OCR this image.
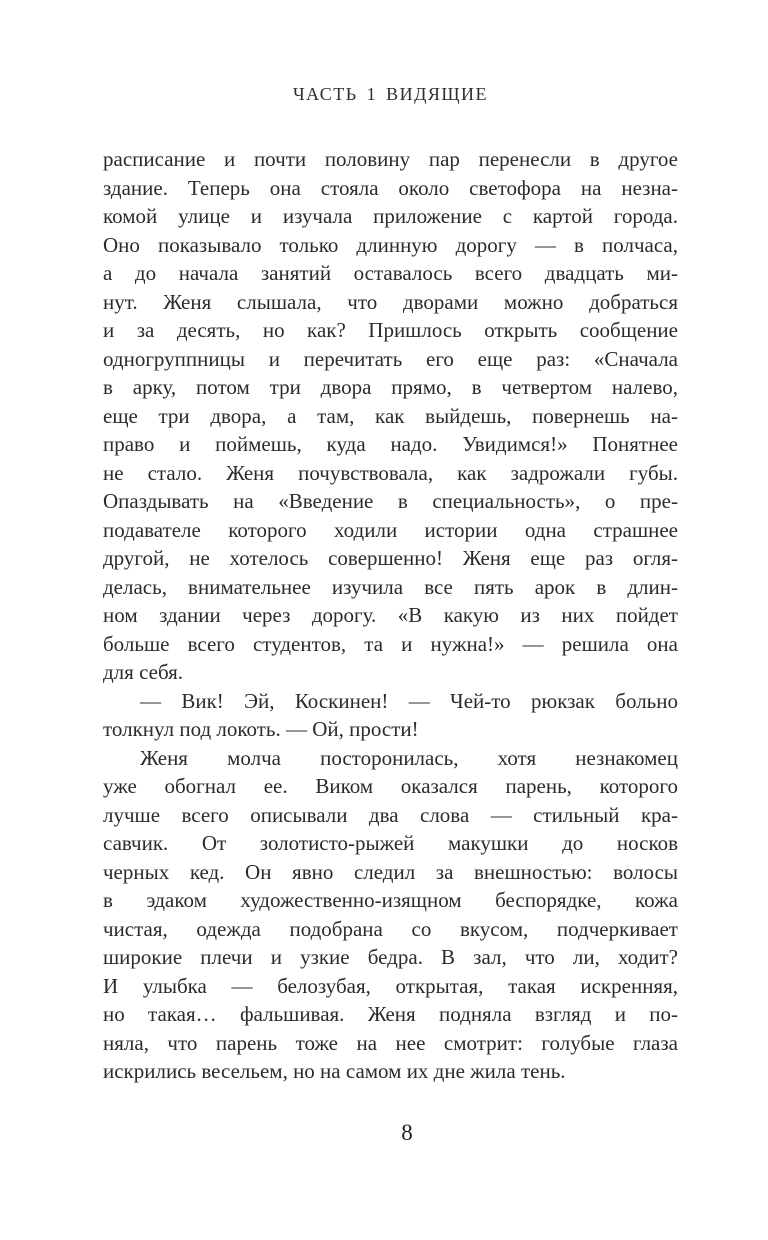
ЧАСТЬ 1 ВИДЯЩИЕ
расписание и почти половину пар перенесли в другое
здание. Теперь она стояла около светофора на незна-
комой улице и изучала приложение с картой города.
Оно показывало только длинную дорогу — в полчаса,
а до начала занятий оставалось всего двадцать ми-
нут. Женя слышала, что дворами можно добраться
и за десять, но как? Пришлось открыть сообщение
одногруппницы и перечитать его еще раз: «Сначала
в арку, потом три двора прямо, в четвертом налево,
еще три двора, а там, как выйдешь, повернешь на-
право и поймешь, куда надо. Увидимся!» Понятнее
не стало. Женя почувствовала, как задрожали губы.
Опаздывать на «Введение в специальность», о пре-
подавателе которого ходили истории одна страшнее
другой, не хотелось совершенно! Женя еще раз огля-
делась, внимательнее изучила все пять арок в длин-
ном здании через дорогу. «В какую из них пойдет
больше всего студентов, та и нужна!» — решила она
для себя.
— Вик! Эй, Коскинен! — Чей-то рюкзак больно
толкнул под локоть. — Ой, прости!
Женя молча посторонилась, хотя незнакомец
уже обогнал ее. Виком оказался парень, которого
лучше всего описывали два слова — стильный кра-
савчик. От золотисто-рыжей макушки до носков
черных кед. Он явно следил за внешностью: волосы
в эдаком художественно-изящном беспорядке, кожа
чистая, одежда подобрана со вкусом, подчеркивает
широкие плечи и узкие бедра. В зал, что ли, ходит?
И улыбка — белозубая, открытая, такая искренняя,
но такая… фальшивая. Женя подняла взгляд и по-
няла, что парень тоже на нее смотрит: голубые глаза
искрились весельем, но на самом их дне жила тень.
8
